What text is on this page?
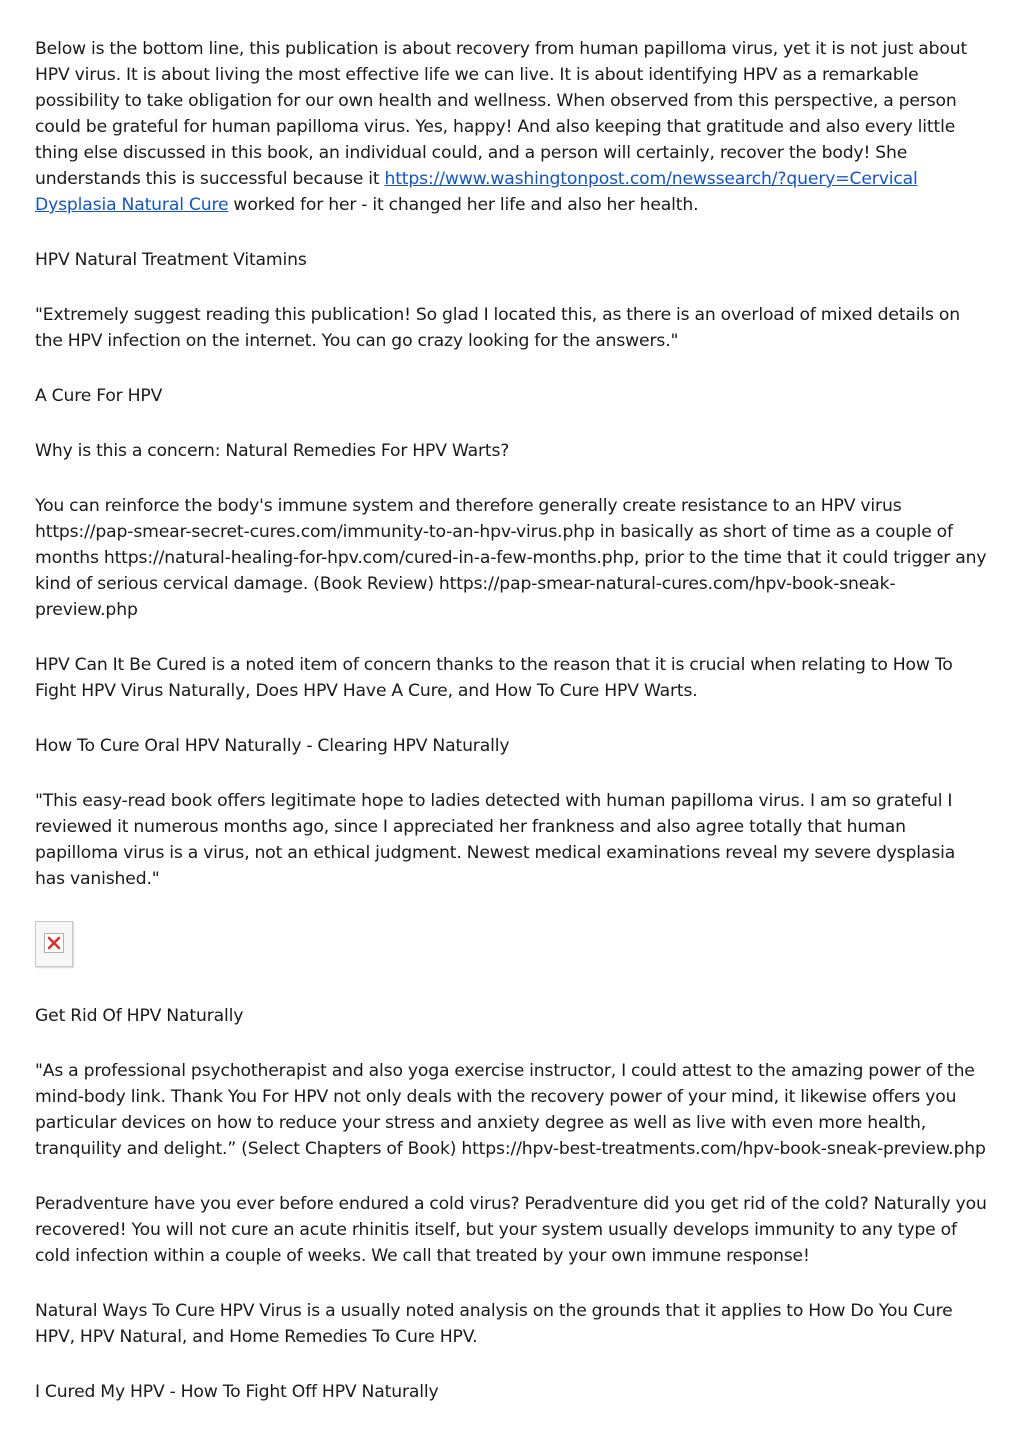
Below is the bottom line, this publication is about recovery from human papilloma virus, yet it is not just about HPV virus. It is about living the most effective life we can live. It is about identifying HPV as a remarkable possibility to take obligation for our own health and wellness. When observed from this perspective, a person could be grateful for human papilloma virus. Yes, happy! And also keeping that gratitude and also every little thing else discussed in this book, an individual could, and a person will certainly, recover the body! She understands this is successful because it https://www.washingtonpost.com/newssearch/?query=Cervical Dysplasia Natural Cure worked for her - it changed her life and also her health.

HPV Natural Treatment Vitamins

"Extremely suggest reading this publication! So glad I located this, as there is an overload of mixed details on the HPV infection on the internet. You can go crazy looking for the answers."

A Cure For HPV

Why is this a concern: Natural Remedies For HPV Warts?

You can reinforce the body's immune system and therefore generally create resistance to an HPV virus https://pap-smear-secret-cures.com/immunity-to-an-hpv-virus.php in basically as short of time as a couple of months https://natural-healing-for-hpv.com/cured-in-a-few-months.php, prior to the time that it could trigger any kind of serious cervical damage. (Book Review) https://pap-smear-natural-cures.com/hpv-book-sneak-preview.php

HPV Can It Be Cured is a noted item of concern thanks to the reason that it is crucial when relating to How To Fight HPV Virus Naturally, Does HPV Have A Cure, and How To Cure HPV Warts.

How To Cure Oral HPV Naturally - Clearing HPV Naturally

"This easy-read book offers legitimate hope to ladies detected with human papilloma virus. I am so grateful I reviewed it numerous months ago, since I appreciated her frankness and also agree totally that human papilloma virus is a virus, not an ethical judgment. Newest medical examinations reveal my severe dysplasia has vanished."

Get Rid Of HPV Naturally

"As a professional psychotherapist and also yoga exercise instructor, I could attest to the amazing power of the mind-body link. Thank You For HPV not only deals with the recovery power of your mind, it likewise offers you particular devices on how to reduce your stress and anxiety degree as well as live with even more health, tranquility and delight.” (Select Chapters of Book) https://hpv-best-treatments.com/hpv-book-sneak-preview.php

Peradventure have you ever before endured a cold virus? Peradventure did you get rid of the cold? Naturally you recovered! You will not cure an acute rhinitis itself, but your system usually develops immunity to any type of cold infection within a couple of weeks. We call that treated by your own immune response!

Natural Ways To Cure HPV Virus is a usually noted analysis on the grounds that it applies to How Do You Cure HPV, HPV Natural, and Home Remedies To Cure HPV.

I Cured My HPV - How To Fight Off HPV Naturally
